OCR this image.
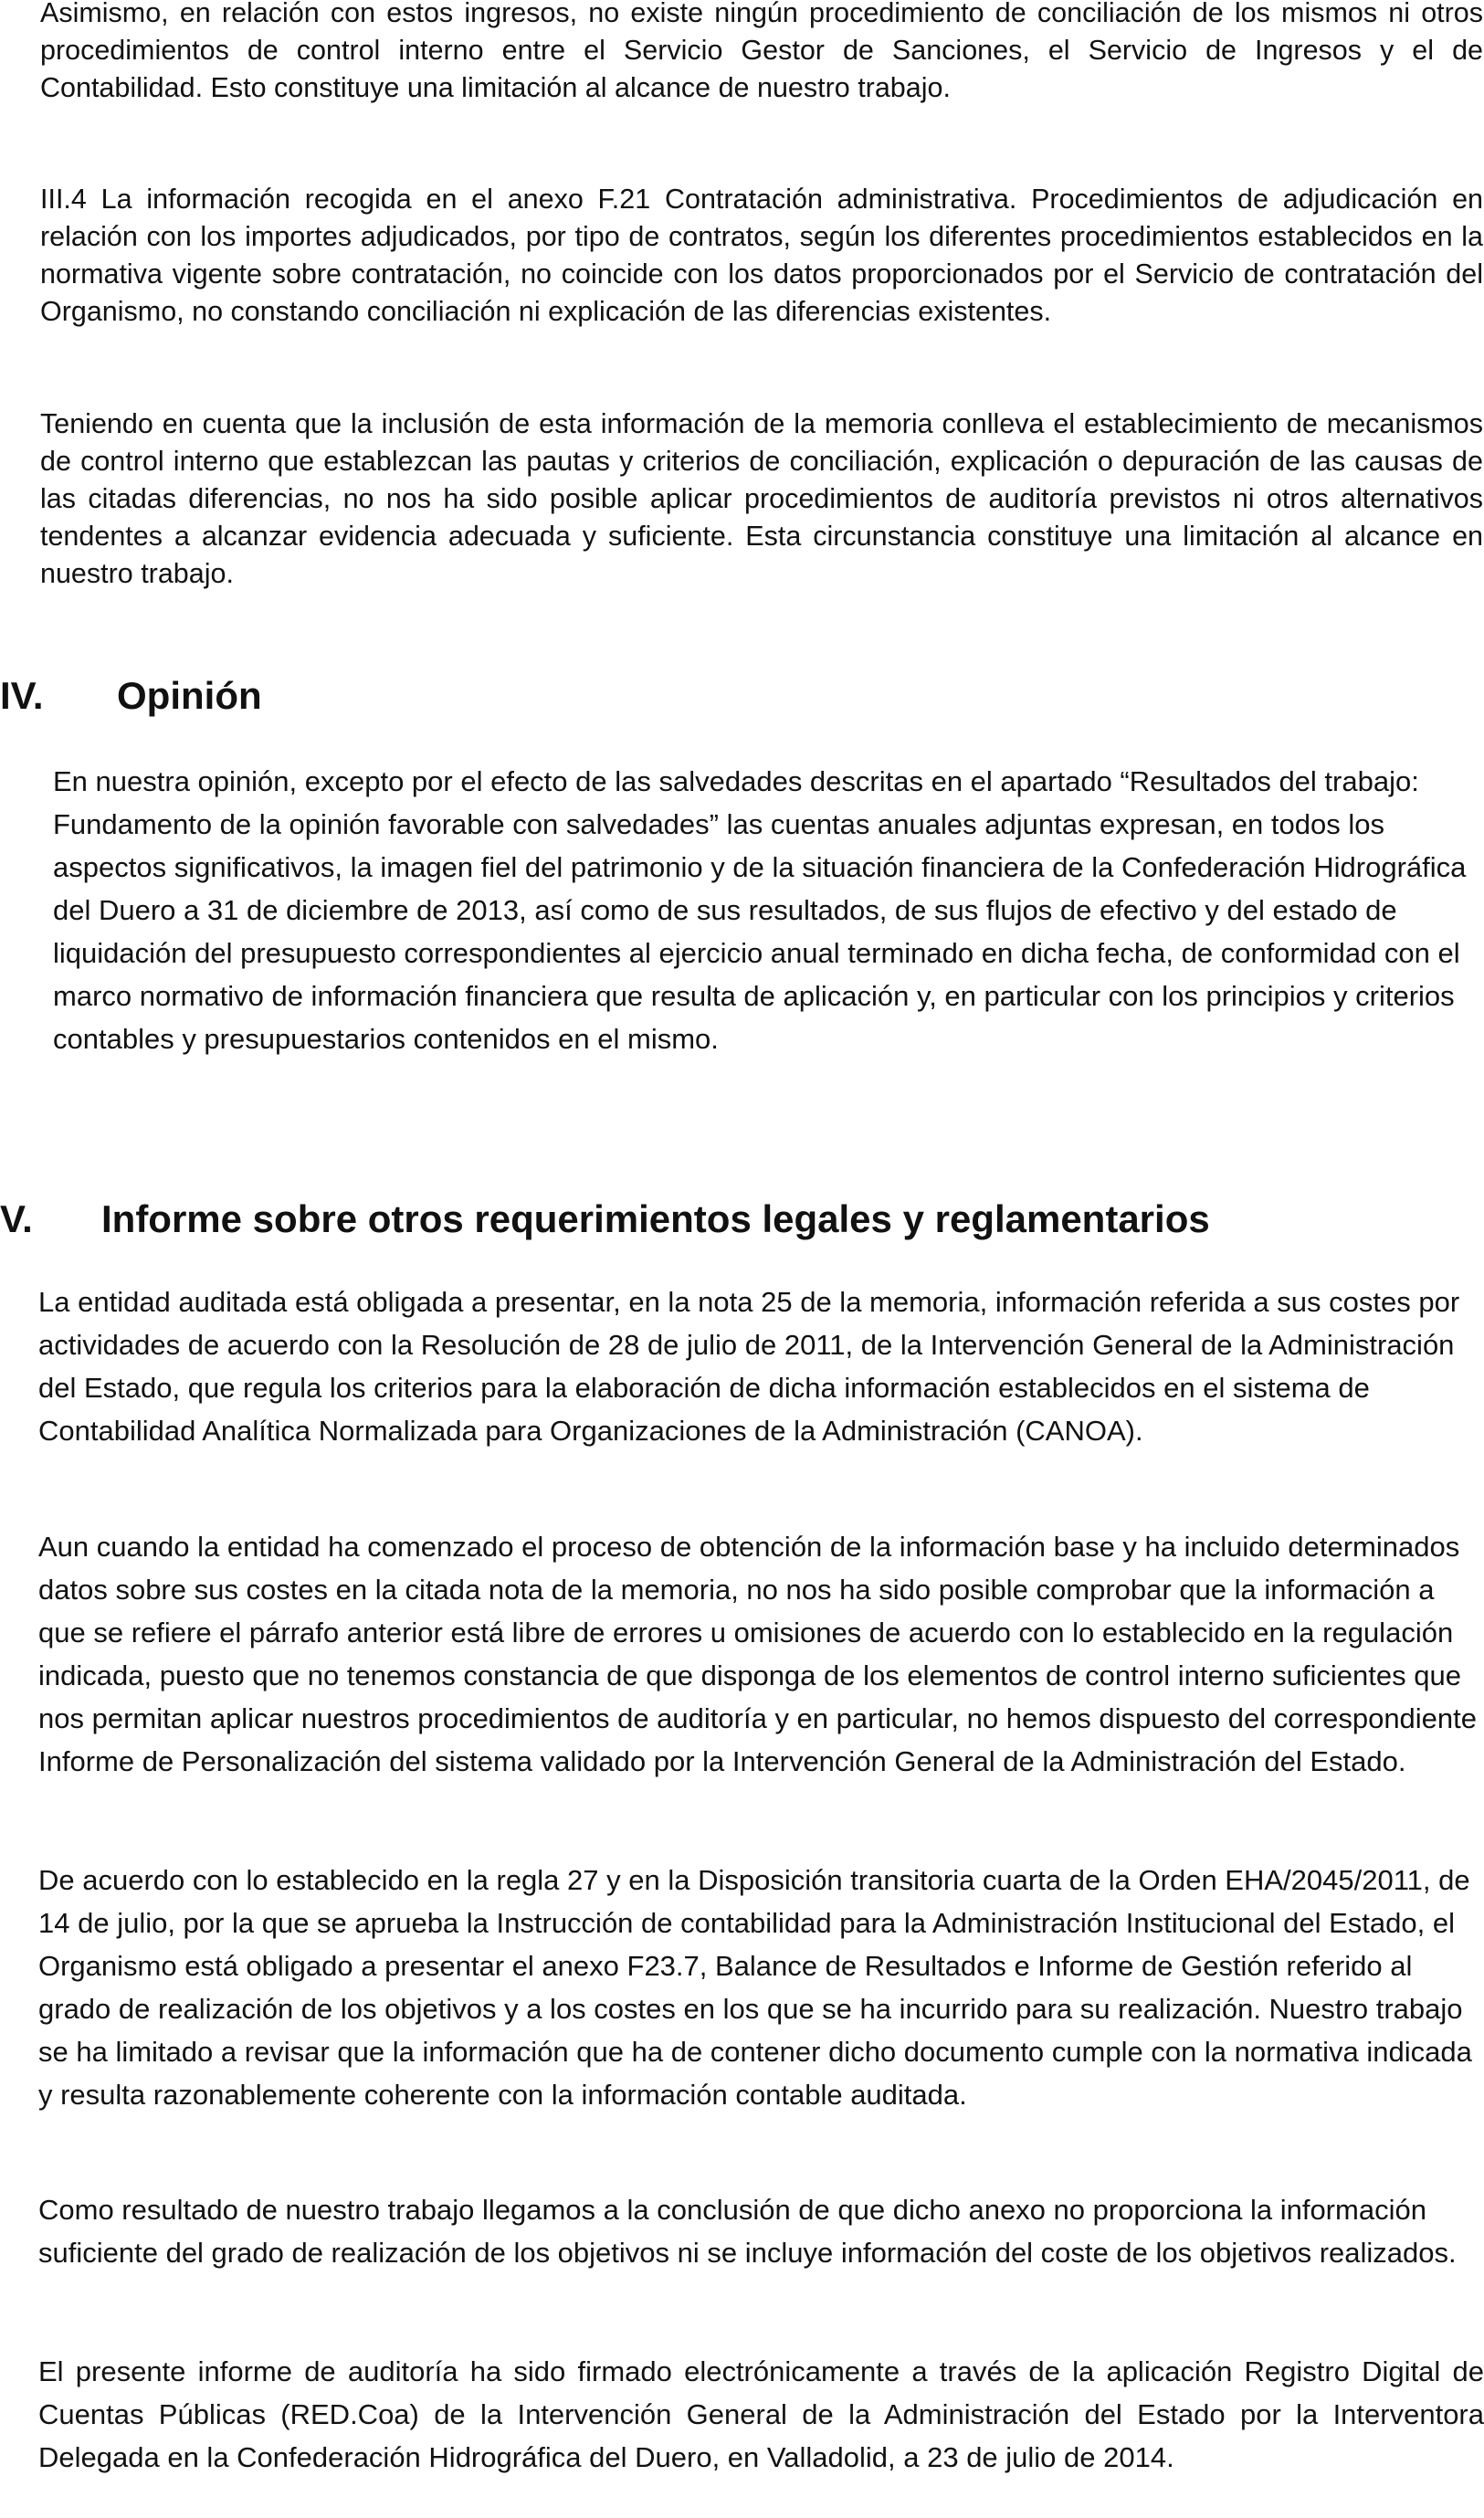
Asimismo, en relación con estos ingresos, no existe ningún procedimiento de conciliación de los mismos ni otros procedimientos de control interno entre el Servicio Gestor de Sanciones, el Servicio de Ingresos y el de Contabilidad. Esto constituye una limitación al alcance de nuestro trabajo.

III.4 La información recogida en el anexo F.21 Contratación administrativa. Procedimientos de adjudicación en relación con los importes adjudicados, por tipo de contratos, según los diferentes procedimientos establecidos en la normativa vigente sobre contratación, no coincide con los datos proporcionados por el Servicio de contratación del Organismo, no constando conciliación ni explicación de las diferencias existentes.

Teniendo en cuenta que la inclusión de esta información de la memoria conlleva el establecimiento de mecanismos de control interno que establezcan las pautas y criterios de conciliación, explicación o depuración de las causas de las citadas diferencias, no nos ha sido posible aplicar procedimientos de auditoría previstos ni otros alternativos tendentes a alcanzar evidencia adecuada y suficiente. Esta circunstancia constituye una limitación al alcance en nuestro trabajo.

IV. Opinión

En nuestra opinión, excepto por el efecto de las salvedades descritas en el apartado “Resultados del trabajo: Fundamento de la opinión favorable con salvedades” las cuentas anuales adjuntas expresan, en todos los aspectos significativos, la imagen fiel del patrimonio y de la situación financiera de la Confederación Hidrográfica del Duero a 31 de diciembre de 2013, así como de sus resultados, de sus flujos de efectivo y del estado de liquidación del presupuesto correspondientes al ejercicio anual terminado en dicha fecha, de conformidad con el marco normativo de información financiera que resulta de aplicación y, en particular con los principios y criterios contables y presupuestarios contenidos en el mismo.

V. Informe sobre otros requerimientos legales y reglamentarios

La entidad auditada está obligada a presentar, en la nota 25 de la memoria, información referida a sus costes por actividades de acuerdo con la Resolución de 28 de julio de 2011, de la Intervención General de la Administración del Estado, que regula los criterios para la elaboración de dicha información establecidos en el sistema de Contabilidad Analítica Normalizada para Organizaciones de la Administración (CANOA).

Aun cuando la entidad ha comenzado el proceso de obtención de la información base y ha incluido determinados datos sobre sus costes en la citada nota de la memoria, no nos ha sido posible comprobar que la información a que se refiere el párrafo anterior está libre de errores u omisiones de acuerdo con lo establecido en la regulación indicada, puesto que no tenemos constancia de que disponga de los elementos de control interno suficientes que nos permitan aplicar nuestros procedimientos de auditoría y en particular, no hemos dispuesto del correspondiente Informe de Personalización del sistema validado por la Intervención General de la Administración del Estado.

De acuerdo con lo establecido en la regla 27 y en la Disposición transitoria cuarta de la Orden EHA/2045/2011, de 14 de julio, por la que se aprueba la Instrucción de contabilidad para la Administración Institucional del Estado, el Organismo está obligado a presentar el anexo F23.7, Balance de Resultados e Informe de Gestión referido al grado de realización de los objetivos y a los costes en los que se ha incurrido para su realización. Nuestro trabajo se ha limitado a revisar que la información que ha de contener dicho documento cumple con la normativa indicada y resulta razonablemente coherente con la información contable auditada.

Como resultado de nuestro trabajo llegamos a la conclusión de que dicho anexo no proporciona la información suficiente del grado de realización de los objetivos ni se incluye información del coste de los objetivos realizados.

El presente informe de auditoría ha sido firmado electrónicamente a través de la aplicación Registro Digital de Cuentas Públicas (RED.Coa) de la Intervención General de la Administración del Estado por la Interventora Delegada en la Confederación Hidrográfica del Duero, en Valladolid, a 23 de julio de 2014.
